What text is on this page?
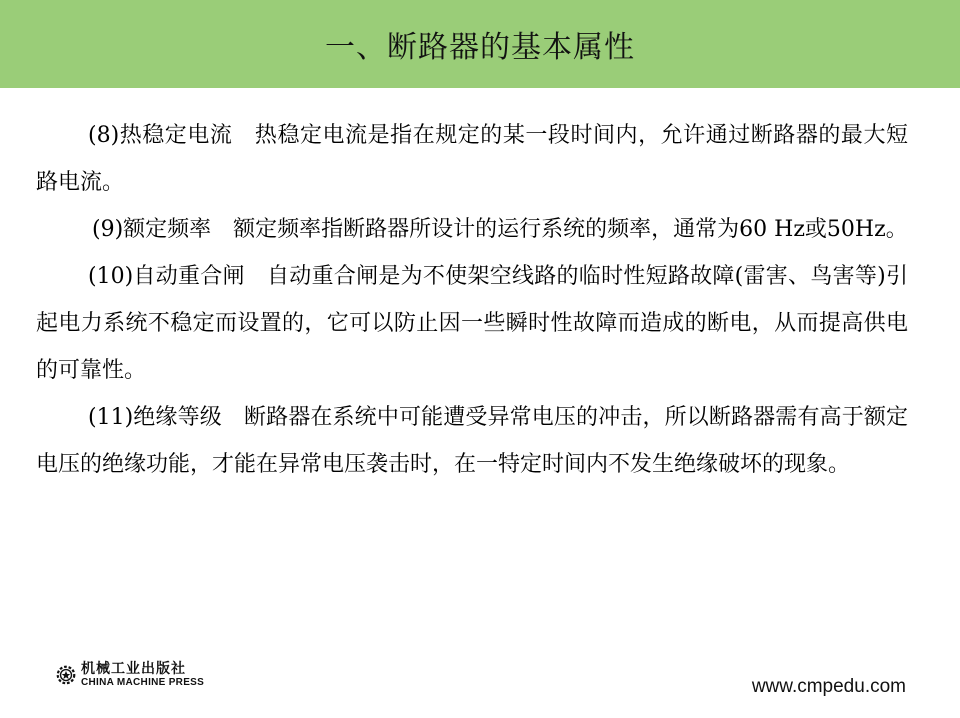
一、断路器的基本属性

(8)热稳定电流　热稳定电流是指在规定的某一段时间内，允许通过断路器的最大短路电流。

(9)额定频率　额定频率指断路器所设计的运行系统的频率，通常为60 Hz或50Hz。

(10)自动重合闸　自动重合闸是为不使架空线路的临时性短路故障(雷害、鸟害等)引起电力系统不稳定而设置的，它可以防止因一些瞬时性故障而造成的断电，从而提高供电的可靠性。

(11)绝缘等级　断路器在系统中可能遭受异常电压的冲击，所以断路器需有高于额定电压的绝缘功能，才能在异常电压袭击时，在一特定时间内不发生绝缘破坏的现象。

机械工业出版社
CHINA MACHINE PRESS	www.cmpedu.com
